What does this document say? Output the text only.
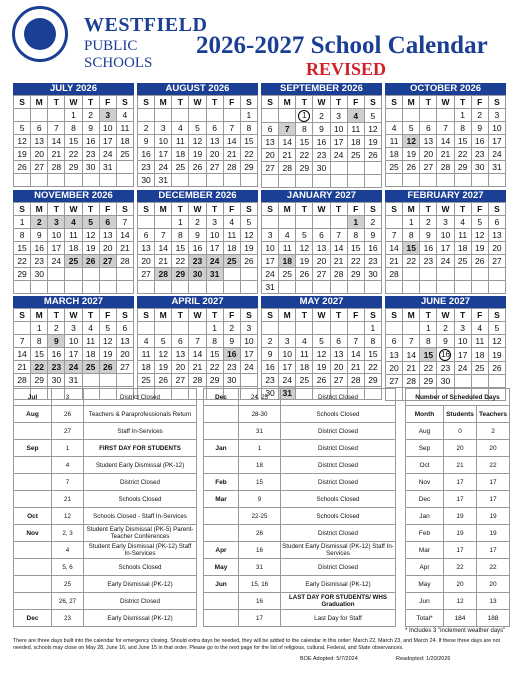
WESTFIELD
PUBLIC SCHOOLS
2026-2027 School Calendar
REVISED
JULY 2026
S	M	T	W	T	F	S
			1	2	3	4
5	6	7	8	9	10	11
12	13	14	15	16	17	18
19	20	21	22	23	24	25
26	27	28	29	30	31	

AUGUST 2026
S	M	T	W	T	F	S
						1
2	3	4	5	6	7	8
9	10	11	12	13	14	15
16	17	18	19	20	21	22
23	24	25	26	27	28	29
30	31					
SEPTEMBER 2026
S	M	T	W	T	F	S
		1	2	3	4	5
6	7	8	9	10	11	12
13	14	15	16	17	18	19
20	21	22	23	24	25	26
27	28	29	30			

OCTOBER 2026
S	M	T	W	T	F	S
				1	2	3
4	5	6	7	8	9	10
11	12	13	14	15	16	17
18	19	20	21	22	23	24
25	26	27	28	29	30	31

NOVEMBER 2026
S	M	T	W	T	F	S
1	2	3	4	5	6	7
8	9	10	11	12	13	14
15	16	17	18	19	20	21
22	23	24	25	26	27	28
29	30					

DECEMBER 2026
S	M	T	W	T	F	S
		1	2	3	4	5
6	7	8	9	10	11	12
13	14	15	16	17	18	19
20	21	22	23	24	25	26
27	28	29	30	31		

JANUARY 2027
S	M	T	W	T	F	S
					1	2
3	4	5	6	7	8	9
10	11	12	13	14	15	16
17	18	19	20	21	22	23
24	25	26	27	28	29	30
31						
FEBRUARY 2027
S	M	T	W	T	F	S
	1	2	3	4	5	6
7	8	9	10	11	12	13
14	15	16	17	18	19	20
21	22	23	24	25	26	27
28						

MARCH 2027
S	M	T	W	T	F	S
	1	2	3	4	5	6
7	8	9	10	11	12	13
14	15	16	17	18	19	20
21	22	23	24	25	26	27
28	29	30	31			

APRIL 2027
S	M	T	W	T	F	S
				1	2	3
4	5	6	7	8	9	10
11	12	13	14	15	16	17
18	19	20	21	22	23	24
25	26	27	28	29	30	

MAY 2027
S	M	T	W	T	F	S
						1
2	3	4	5	6	7	8
9	10	11	12	13	14	15
16	17	18	19	20	21	22
23	24	25	26	27	28	29
30	31					
JUNE 2027
S	M	T	W	T	F	S
		1	2	3	4	5
6	7	8	9	10	11	12
13	14	15	16	17	18	19
20	21	22	23	24	25	26
27	28	29	30			

Jul	3	District Closed
Aug	26	Teachers & Paraprofessionals Return
	27	Staff In-Services
Sep	1	FIRST DAY FOR STUDENTS
	4	Student Early Dismissal (PK-12)
	7	District Closed
	21	Schools Closed
Oct	12	Schools Closed - Staff In-Services
Nov	2, 3	Student Early Dismissal (PK-5) Parent-Teacher Conferences
	4	Student Early Dismissal (PK-12) Staff In-Services
	5, 6	Schools Closed
	25	Early Dismissal (PK-12)
	26, 27	District Closed
Dec	23	Early Dismissal (PK-12)
Dec	24, 25	District Closed
	28-30	Schools Closed
	31	District Closed
Jan	1	District Closed
	18	District Closed
Feb	15	District Closed
Mar	9	Schools Closed
	22-25	Schools Closed
	26	District Closed
Apr	16	Student Early Dismissal (PK-12) Staff In-Services
May	31	District Closed
Jun	15, 16	Early Dismissal (PK-12)
	16	LAST DAY FOR STUDENTS/ WHS Graduation
	17	Last Day for Staff
Number of Scheduled Days		
Month	Students	Teachers
Aug	0	2
Sep	20	20
Oct	21	22
Nov	17	17
Dec	17	17
Jan	19	19
Feb	19	19
Mar	17	17
Apr	22	22
May	20	20
Jun	12	13
Total*	184	188
* Includes 3 "inclement weather days"
There are three days built into the calendar for emergency closing. Should extra days be needed, they will be added to the calendar in this order: March 22, March 23, and March 24. If these three days are not needed, schools may close on May 28, June 16, and June 15 in that order. Please go to the next page for the list of religious, cultural, Federal, and State observances.
BOE Adopted: 5/7/2024	Readopted: 1/20/2026
